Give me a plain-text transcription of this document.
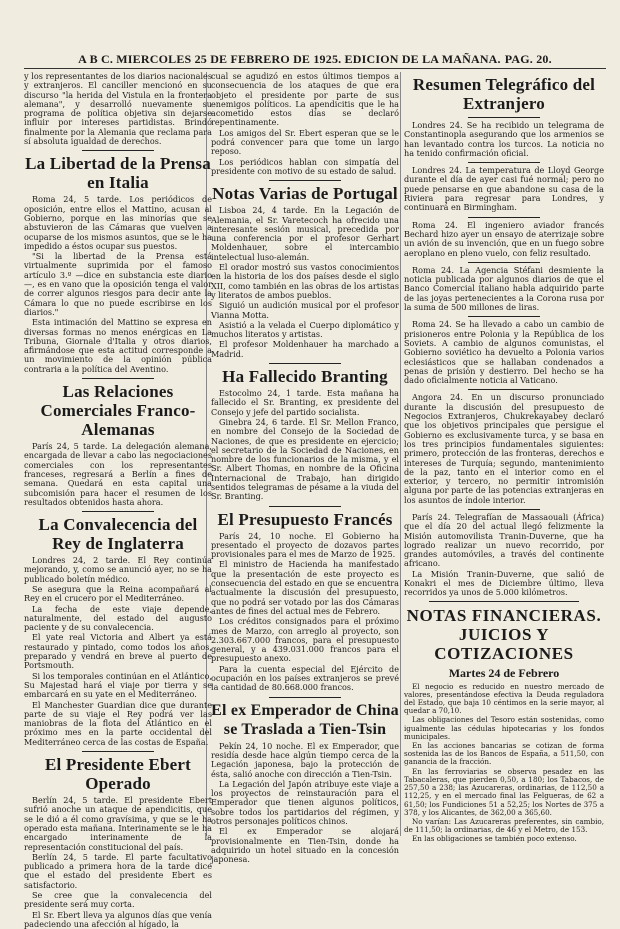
A B C. MIERCOLES 25 DE FEBRERO DE 1925. EDICION DE LA MAÑANA. PAG. 20.

y los representantes de los diarios nacionales y extranjeros. El canciller mencionó en su discurso "la herida del Vistula en la frontera alemana", y desarrolló nuevamente su programa de política objetiva sin dejarse influir por intereses partidistas. Brindó finalmente por la Alemania que reclama para sí absoluta igualdad de derechos.

La Libertad de la Prensa en Italia

Roma 24, 5 tarde. Los periódicos de oposición, entre ellos el Mattino, acusan al Gobierno, porque en las minorías que se abstuvieron de las Cámaras que vuelven a ocuparse de los mismos asuntos, que se le ha impedido a éstos ocupar sus puestos.

"Si la libertad de la Prensa está virtualmente suprimida por el famoso artículo 3.º —dice en substancia este diario—, es en vano que la oposición tenga el valor de correr algunos riesgos para decir ante la Cámara lo que no puede escribirse en los diarios."

Esta intimación del Mattino se expresa en diversas formas no menos enérgicas en La Tribuna, Giornale d'Italia y otros diarios, afirmándose que esta actitud corresponde a un movimiento de la opinión pública contraria a la política del Aventino.

Las Relaciones Comerciales Franco-Alemanas

París 24, 5 tarde. La delegación alemana, encargada de llevar a cabo las negociaciones comerciales con los representantes franceses, regresará a Berlín a fines de semana. Quedará en esta capital una subcomisión para hacer el resumen de los resultados obtenidos hasta ahora.

La Convalecencia del Rey de Inglaterra

Londres 24, 2 tarde. El Rey continúa mejorando, y, como se anunció ayer, no se ha publicado boletín médico.

Se asegura que la Reina acompañará al Rey en el crucero por el Mediterráneo.

La fecha de este viaje depende, naturalmente, del estado del augusto paciente y de su convalecencia.

El yate real Victoria and Albert ya está restaurado y pintado, como todos los años, preparado y vendrá en breve al puerto de Portsmouth.

Si los temporales continúan en el Atlántico, Su Majestad hará el viaje por tierra y se embarcará en su yate en el Mediterráneo.

El Manchester Guardian dice que durante parte de su viaje el Rey podrá ver las maniobras de la flota del Atlántico en el próximo mes en la parte occidental del Mediterráneo cerca de las costas de España.

El Presidente Ebert Operado

Berlín 24, 5 tarde. El presidente Ebert sufrió anoche un ataque de apendicitis, que se le dió a él como gravísima, y que se le ha operado esta mañana. Interinamente se le ha encargado interinamente de la representación constitucional del país.

Berlín 24, 5 tarde. El parte facultativo publicado a primera hora de la tarde dice que el estado del presidente Ebert es satisfactorio.

Se cree que la convalecencia del presidente será muy corta.

El Sr. Ebert lleva ya algunos días que venía padeciendo una afección al hígado, la

cual se agudizó en estos últimos tiempos a consecuencia de los ataques de que era objeto el presidente por parte de sus enemigos políticos. La apendicitis que le ha acometido estos días se declaró repentinamente.

Los amigos del Sr. Ebert esperan que se le podrá convencer para que tome un largo reposo.

Los periódicos hablan con simpatía del presidente con motivo de su estado de salud.

Notas Varias de Portugal

Lisboa 24, 4 tarde. En la Legación de Alemania, el Sr. Varetecoch ha ofrecido una interesante sesión musical, precedida por una conferencia por el profesor Gerhart Moldenhauer, sobre el intercambio intelectual luso-alemán.

El orador mostró sus vastos conocimientos en la historia de los dos países desde el siglo XII, como también en las obras de los artistas y literatos de ambos pueblos.

Siguió un audición musical por el profesor Vianna Motta.

Asistió a la velada el Cuerpo diplomático y muchos literatos y artistas.

El profesor Moldenhauer ha marchado a Madrid.

Ha Fallecido Branting

Estocolmo 24, 1 tarde. Esta mañana ha fallecido el Sr. Branting, ex presidente del Consejo y jefe del partido socialista.

Ginebra 24, 6 tarde. El Sr. Mellon Franco, en nombre del Consejo de la Sociedad de Naciones, de que es presidente en ejercicio; el secretario de la Sociedad de Naciones, en nombre de los funcionarios de la misma, y el Sr. Albert Thomas, en nombre de la Oficina Internacional de Trabajo, han dirigido sentidos telegramas de pésame a la viuda del Sr. Branting.

El Presupuesto Francés

París 24, 10 noche. El Gobierno ha presentado el proyecto de dozavos partes provisionales para el mes de Marzo de 1925.

El ministro de Hacienda ha manifestado que la presentación de este proyecto es consecuencia del estado en que se encuentra actualmente la discusión del presupuesto, que no podrá ser votado por las dos Cámaras antes de fines del actual mes de Febrero.

Los créditos consignados para el próximo mes de Marzo, con arreglo al proyecto, son 2.303.667.000 francos, para el presupuesto general, y a 439.031.000 francos para el presupuesto anexo.

Para la cuenta especial del Ejército de ocupación en los países extranjeros se prevé la cantidad de 80.668.000 francos.

El ex Emperador de China se Traslada a Tien-Tsin

Pekín 24, 10 noche. El ex Emperador, que residía desde hace algún tiempo cerca de la Legación japonesa, bajo la protección de ésta, salió anoche con dirección a Tien-Tsin.

La Legación del Japón atribuye este viaje a los proyectos de reinstauración para el Emperador que tienen algunos políticos, sobre todos los partidarios del régimen, y otros personajes políticos chinos.

El ex Emperador se alojará provisionalmente en Tien-Tsin, donde ha adquirido un hotel situado en la concesión japonesa.

Resumen Telegráfico del Extranjero

Londres 24. Se ha recibido un telegrama de Constantinopla asegurando que los armenios se han levantado contra los turcos. La noticia no ha tenido confirmación oficial.

Londres 24. La temperatura de Lloyd George durante el día de ayer casi fué normal; pero no puede pensarse en que abandone su casa de la Riviera para regresar para Londres, y continuará en Birmingham.

Roma 24. El ingeniero aviador francés Bechard hizo ayer un ensayo de aterrizaje sobre un avión de su invención, que en un fuego sobre aeroplano en pleno vuelo, con feliz resultado.

Roma 24. La Agencia Stéfani desmiente la noticia publicada por algunos diarios de que el Banco Comercial italiano habla adquirido parte de las joyas pertenecientes a la Corona rusa por la suma de 500 millones de liras.

Roma 24. Se ha llevado a cabo un cambio de prisioneros entre Polonia y la República de los Soviets. A cambio de algunos comunistas, el Gobierno soviético ha devuelto a Polonia varios eclesiásticos que se hallaban condenados a penas de prisión y destierro. Del hecho se ha dado oficialmente noticia al Vaticano.

Angora 24. En un discurso pronunciado durante la discusión del presupuesto de Negocios Extranjeros, Chukrekayabey declaró que los objetivos principales que persigue el Gobierno es exclusivamente turca, y se basa en los tres principios fundamentales siguientes: primero, protección de las fronteras, derechos e intereses de Turquía; segundo, mantenimiento de la paz, tanto en el interior como en el exterior, y tercero, no permitir intromisión alguna por parte de las potencias extranjeras en los asuntos de índole interior.

París 24. Telegrafían de Massaouali (África) que el día 20 del actual llegó felizmente la Misión automovilista Tranin-Duverne, que ha logrado realizar un nuevo recorrido, por grandes automóviles, a través del continente africano.

La Misión Tranin-Duverne, que salió de Konakri el mes de Diciembre último, lleva recorridos ya unos de 5.000 kilómetros.

NOTAS FINANCIERAS. JUICIOS Y COTIZACIONES
Martes 24 de Febrero

El negocio es reducido en nuestro mercado de valores, presentándose efectiva la Deuda reguladora del Estado, que baja 10 céntimos en la serie mayor, al quedar a 70,10.

Las obligaciones del Tesoro están sostenidas, como igualmente las cédulas hipotecarias y los fondos municipales.

En las acciones bancarias se cotizan de forma sostenida las de los Bancos de España, a 511,50, con ganancia de la fracción.

En las ferroviarias se observa pesadez en las Tabacaleras, que pierden 0,50, a 180; los Tabacos, de 257,50 a 238; las Azucareras, ordinarias, de 112,50 a 112,25, y en el mercado final las Felgueras, de 62 a 61,50; los Fundiciones 51 a 52,25; los Nortes de 375 a 378, y los Alicantes, de 362,00 a 365,60.

No varían: Las Azucareras preferentes, sin cambio, de 111,50; la ordinarias, de 46 y el Metro, de 153.

En las obligaciones se también poco extenso.
